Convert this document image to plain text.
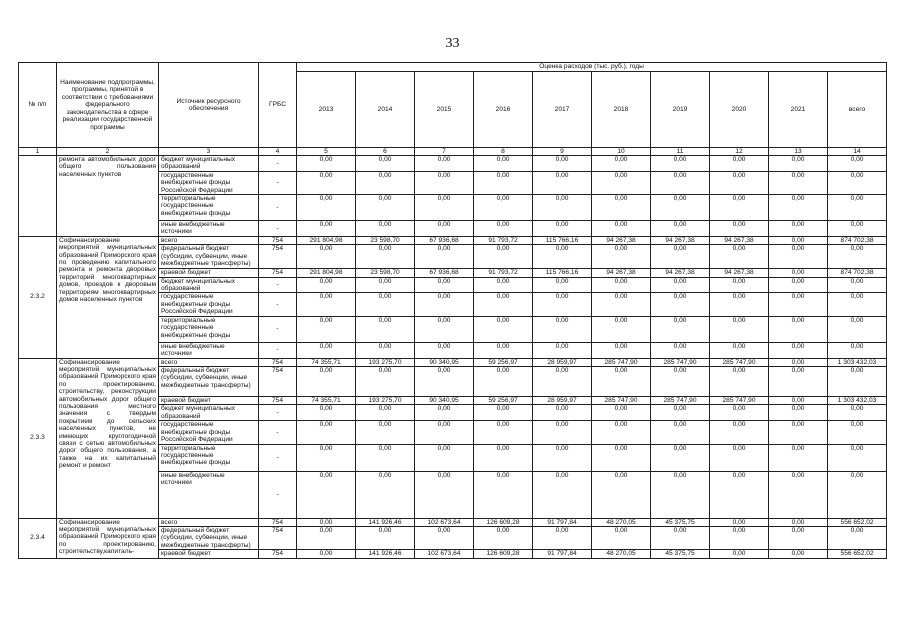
33
№ п/п	Наименование подпрограммы, программы, принятой в соответствии с требованиями федерального законодательства в сфере реализации государственной программы	Источник ресурсного обеспечения	ГРБС	Оценка расходов (тыс. руб.), годы									
				2013	2014	2015	2016	2017	2018	2019	2020	2021	всего
1	2	3	4	5	6	7	8	9	10	11	12	13	14
	ремонта автомобильных дорог общего пользования населенных пунктов	бюджет муниципальных образований	-	0,00	0,00	0,00	0,00	0,00	0,00	0,00	0,00	0,00	0,00
		государственные внебюджетные фонды Российской Федерации	-	0,00	0,00	0,00	0,00	0,00	0,00	0,00	0,00	0,00	0,00
		территориальные государственные внебюджетные фонды	-	0,00	0,00	0,00	0,00	0,00	0,00	0,00	0,00	0,00	0,00
		иные внебюджетные источники	-	0,00	0,00	0,00	0,00	0,00	0,00	0,00	0,00	0,00	0,00
2.3.2	Софинансирование мероприятий муниципальных образований Приморского края по проведению капитального ремонта и ремонта дворовых территорий многоквартирных домов, проездов к дворовым территориям многоквартирных домов населенных пунктов	всего	754	291 804,98	23 598,70	67 936,68	91 793,72	115 766,16	94 267,38	94 267,38	94 267,38	0,00	874 702,38
		федеральный бюджет (субсидии, субвенции, иные межбюджетные трансферты)	754	0,00	0,00	0,00	0,00	0,00	0,00	0,00	0,00	0,00	0,00
		краевой бюджет	754	291 804,98	23 598,70	67 936,68	91 793,72	115 766,16	94 267,38	94 267,38	94 267,38	0,00	874 702,38
		бюджет муниципальных образований	-	0,00	0,00	0,00	0,00	0,00	0,00	0,00	0,00	0,00	0,00
		государственные внебюджетные фонды Российской Федерации	-	0,00	0,00	0,00	0,00	0,00	0,00	0,00	0,00	0,00	0,00
		территориальные государственные внебюджетные фонды	-	0,00	0,00	0,00	0,00	0,00	0,00	0,00	0,00	0,00	0,00
		иные внебюджетные источники	-	0,00	0,00	0,00	0,00	0,00	0,00	0,00	0,00	0,00	0,00
2.3.3	Софинансирование мероприятий муниципальных образований Приморского края по проектированию, строительству, реконструкции автомобильных дорог общего пользования местного значения с твердым покрытием до сельских населенных пунктов, не имеющих круглогодичной связи с сетью автомобильных дорог общего пользования, а также на их капитальный ремонт и ремонт	всего	754	74 355,71	193 275,70	90 340,95	59 256,97	28 959,97	285 747,90	285 747,90	285 747,90	0,00	1 303 432,03
		федеральный бюджет (субсидии, субвенции, иные межбюджетные трансферты)	754	0,00	0,00	0,00	0,00	0,00	0,00	0,00	0,00	0,00	0,00
		краевой бюджет	754	74 355,71	193 275,70	90 340,95	59 256,97	28 959,97	285 747,90	285 747,90	285 747,90	0,00	1 303 432,03
		бюджет муниципальных образований	-	0,00	0,00	0,00	0,00	0,00	0,00	0,00	0,00	0,00	0,00
		государственные внебюджетные фонды Российской Федерации	-	0,00	0,00	0,00	0,00	0,00	0,00	0,00	0,00	0,00	0,00
		территориальные государственные внебюджетные фонды	-	0,00	0,00	0,00	0,00	0,00	0,00	0,00	0,00	0,00	0,00
		иные внебюджетные источники	-	0,00	0,00	0,00	0,00	0,00	0,00	0,00	0,00	0,00	0,00
2.3.4	Софинансирование мероприятий муниципальных образований Приморского края по проектированию, строительству,капиталь-	всего	754	0,00	141 926,46	102 673,64	126 609,28	91 797,84	48 270,05	45 375,75	0,00	0,00	556 652,02
		федеральный бюджет (субсидии, субвенции, иные межбюджетные трансферты)	754	0,00	0,00	0,00	0,00	0,00	0,00	0,00	0,00	0,00	0,00
		краевой бюджет	754	0,00	141 926,46	102 673,64	126 609,28	91 797,84	48 270,05	45 375,75	0,00	0,00	556 652,02
